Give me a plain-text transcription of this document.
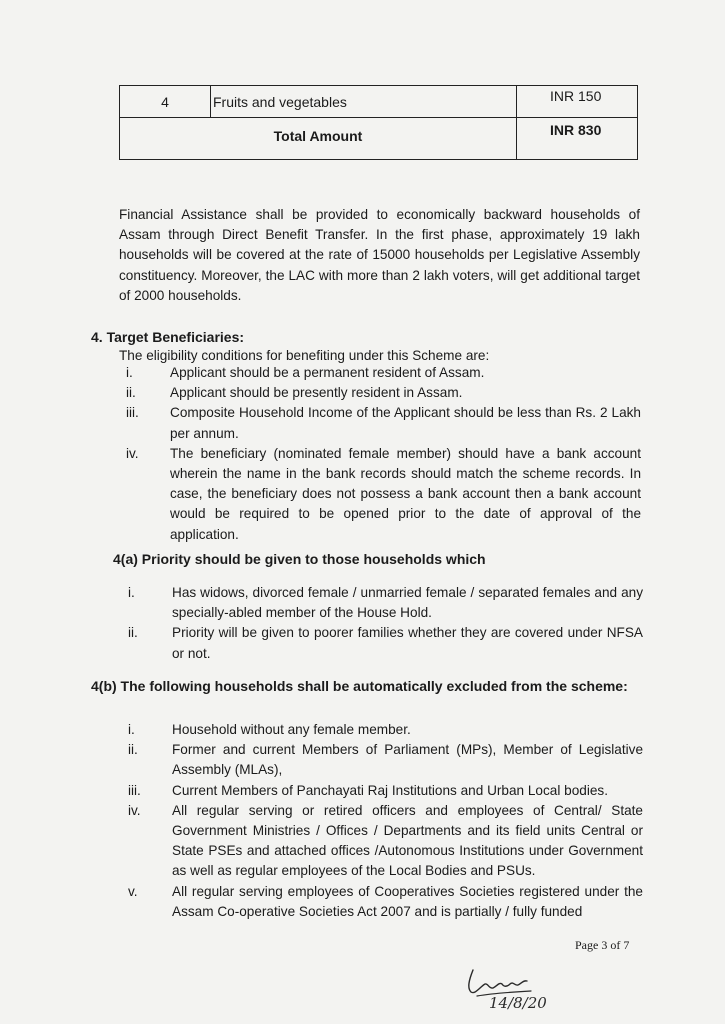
4	Fruits and vegetables	INR 150

Total Amount		INR 830

Financial Assistance shall be provided to economically backward households of Assam through Direct Benefit Transfer. In the first phase, approximately 19 lakh households will be covered at the rate of 15000 households per Legislative Assembly constituency. Moreover, the LAC with more than 2 lakh voters, will get additional target of 2000 households.

4. Target Beneficiaries:
The eligibility conditions for benefiting under this Scheme are:
i.	Applicant should be a permanent resident of Assam.
ii.	Applicant should be presently resident in Assam.
iii.	Composite Household Income of the Applicant should be less than Rs. 2 Lakh per annum.
iv.	The beneficiary (nominated female member) should have a bank account wherein the name in the bank records should match the scheme records. In case, the beneficiary does not possess a bank account then a bank account would be required to be opened prior to the date of approval of the application.
4(a) Priority should be given to those households which
i.	Has widows, divorced female / unmarried female / separated females and any specially-abled member of the House Hold.
ii.	Priority will be given to poorer families whether they are covered under NFSA or not.
4(b) The following households shall be automatically excluded from the scheme:
i.	Household without any female member.
ii.	Former and current Members of Parliament (MPs), Member of Legislative Assembly (MLAs),
iii.	Current Members of Panchayati Raj Institutions and Urban Local bodies.
iv.	All regular serving or retired officers and employees of Central/ State Government Ministries / Offices / Departments and its field units Central or State PSEs and attached offices /Autonomous Institutions under Government as well as regular employees of the Local Bodies and PSUs.
v.	All regular serving employees of Cooperatives Societies registered under the Assam Co-operative Societies Act 2007 and is partially / fully funded
Page 3 of 7
14/8/20
